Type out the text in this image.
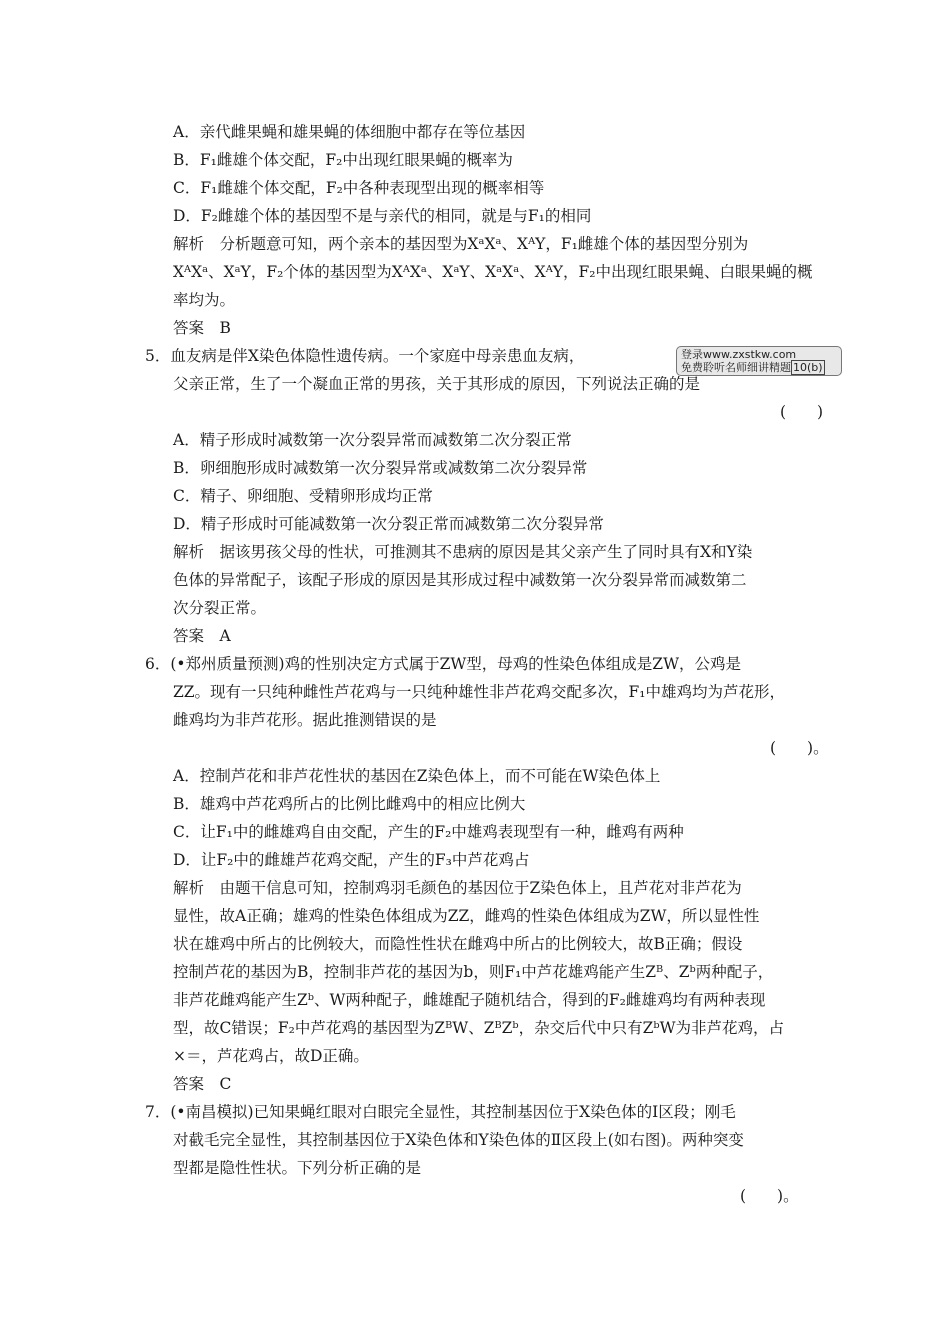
A．亲代雌果蝇和雄果蝇的体细胞中都存在等位基因
B．F₁雌雄个体交配，F₂中出现红眼果蝇的概率为
C．F₁雌雄个体交配，F₂中各种表现型出现的概率相等
D．F₂雌雄个体的基因型不是与亲代的相同，就是与F₁的相同
解析　分析题意可知，两个亲本的基因型为XᵃXᵃ、XᴬY，F₁雌雄个体的基因型分别为
XᴬXᵃ、XᵃY，F₂个体的基因型为XᴬXᵃ、XᵃY、XᵃXᵃ、XᴬY，F₂中出现红眼果蝇、白眼果蝇的概
率均为。
答案　B
5．血友病是伴X染色体隐性遗传病。一个家庭中母亲患血友病，	登录www.zxstkw.com
免费聆听名师细讲精题 10(b)
父亲正常，生了一个凝血正常的男孩，关于其形成的原因，下列说法正确的是
(　　)
A．精子形成时减数第一次分裂异常而减数第二次分裂正常
B．卵细胞形成时减数第一次分裂异常或减数第二次分裂异常
C．精子、卵细胞、受精卵形成均正常
D．精子形成时可能减数第一次分裂正常而减数第二次分裂异常
解析　据该男孩父母的性状，可推测其不患病的原因是其父亲产生了同时具有X和Y染
色体的异常配子，该配子形成的原因是其形成过程中减数第一次分裂异常而减数第二
次分裂正常。
答案　A
6．(•郑州质量预测)鸡的性别决定方式属于ZW型，母鸡的性染色体组成是ZW，公鸡是
ZZ。现有一只纯种雌性芦花鸡与一只纯种雄性非芦花鸡交配多次，F₁中雄鸡均为芦花形，
雌鸡均为非芦花形。据此推测错误的是
(　　)。
A．控制芦花和非芦花性状的基因在Z染色体上，而不可能在W染色体上
B．雄鸡中芦花鸡所占的比例比雌鸡中的相应比例大
C．让F₁中的雌雄鸡自由交配，产生的F₂中雄鸡表现型有一种，雌鸡有两种
D．让F₂中的雌雄芦花鸡交配，产生的F₃中芦花鸡占
解析　由题干信息可知，控制鸡羽毛颜色的基因位于Z染色体上，且芦花对非芦花为
显性，故A正确；雄鸡的性染色体组成为ZZ，雌鸡的性染色体组成为ZW，所以显性性
状在雄鸡中所占的比例较大，而隐性性状在雌鸡中所占的比例较大，故B正确；假设
控制芦花的基因为B，控制非芦花的基因为b，则F₁中芦花雄鸡能产生Zᴮ、Zᵇ两种配子，
非芦花雌鸡能产生Zᵇ、W两种配子，雌雄配子随机结合，得到的F₂雌雄鸡均有两种表现
型，故C错误；F₂中芦花鸡的基因型为ZᴮW、ZᴮZᵇ，杂交后代中只有ZᵇW为非芦花鸡，占
×＝，芦花鸡占，故D正确。
答案　C
7．(•南昌模拟)已知果蝇红眼对白眼完全显性，其控制基因位于X染色体的Ⅰ区段；刚毛
对截毛完全显性，其控制基因位于X染色体和Y染色体的Ⅱ区段上(如右图)。两种突变
型都是隐性性状。下列分析正确的是
(　　)。
